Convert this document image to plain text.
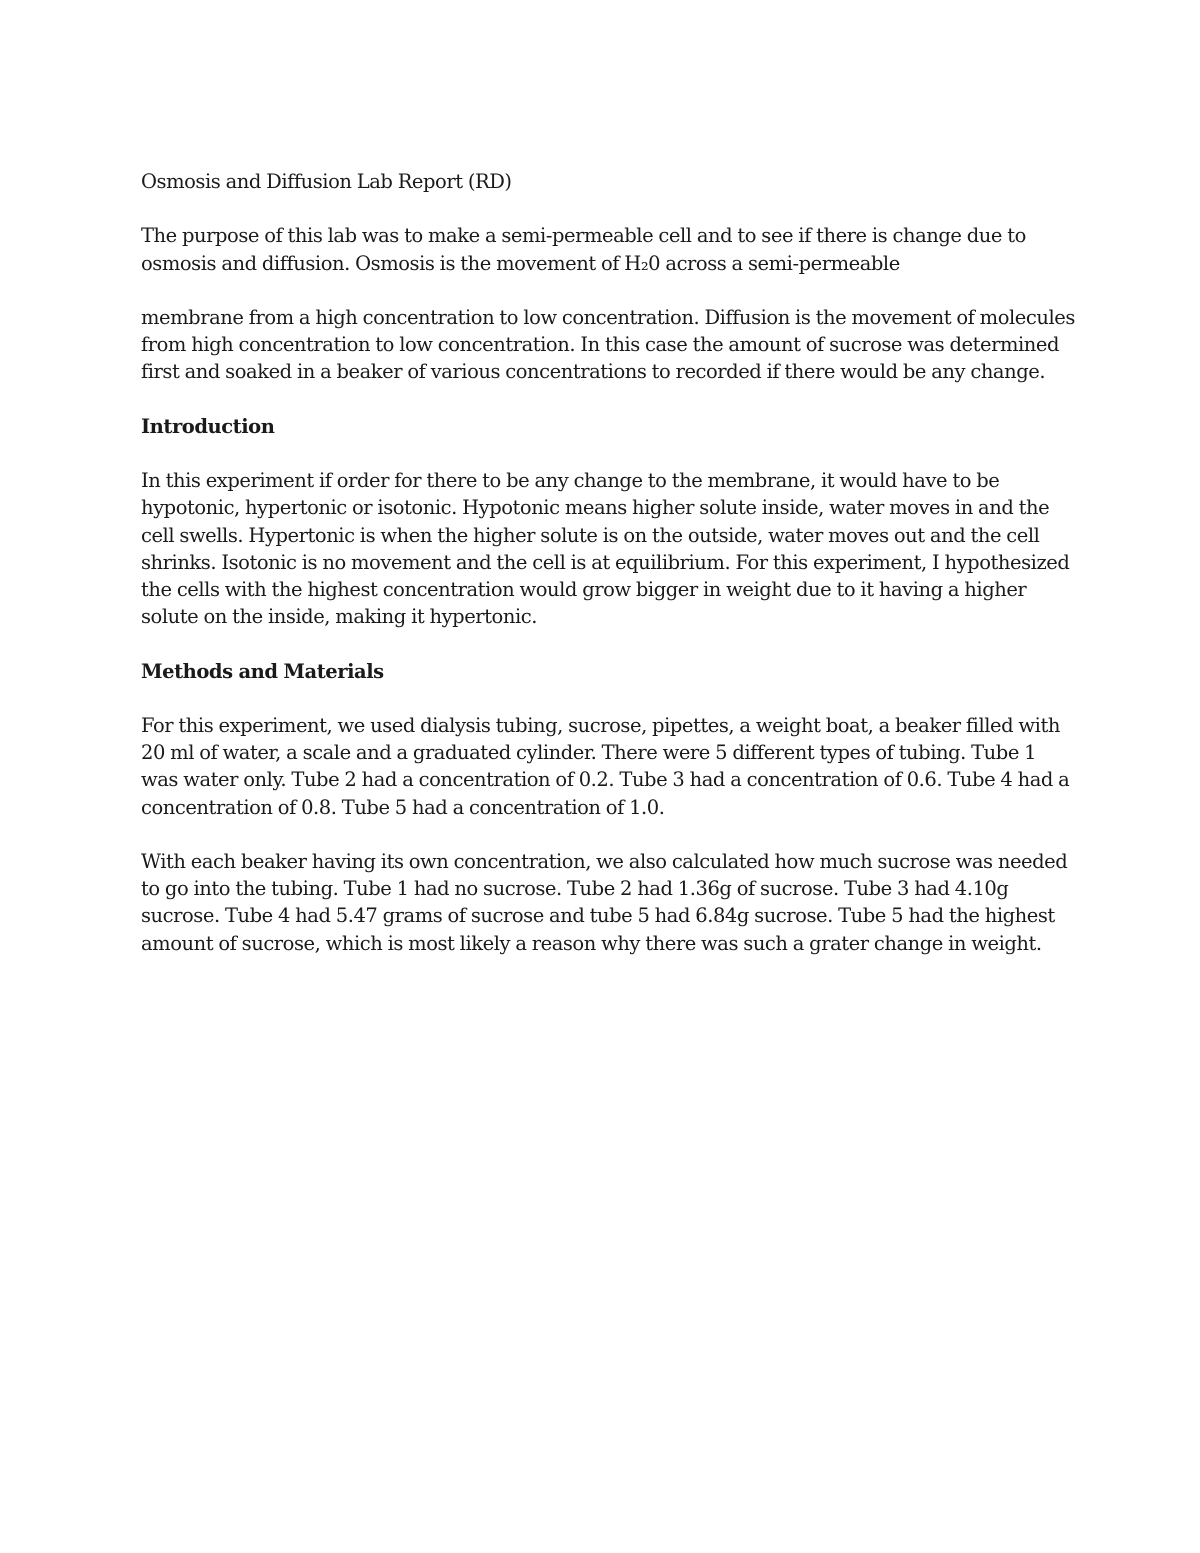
Osmosis and Diffusion Lab Report (RD)

The purpose of this lab was to make a semi-permeable cell and to see if there is change due to osmosis and diffusion. Osmosis is the movement of H₂0 across a semi-permeable

membrane from a high concentration to low concentration. Diffusion is the movement of molecules from high concentration to low concentration. In this case the amount of sucrose was determined first and soaked in a beaker of various concentrations to recorded if there would be any change.

Introduction

In this experiment if order for there to be any change to the membrane, it would have to be hypotonic, hypertonic or isotonic. Hypotonic means higher solute inside, water moves in and the cell swells. Hypertonic is when the higher solute is on the outside, water moves out and the cell shrinks. Isotonic is no movement and the cell is at equilibrium. For this experiment, I hypothesized the cells with the highest concentration would grow bigger in weight due to it having a higher solute on the inside, making it hypertonic.

Methods and Materials

For this experiment, we used dialysis tubing, sucrose, pipettes, a weight boat, a beaker filled with 20 ml of water, a scale and a graduated cylinder. There were 5 different types of tubing. Tube 1 was water only. Tube 2 had a concentration of 0.2. Tube 3 had a concentration of 0.6. Tube 4 had a concentration of 0.8. Tube 5 had a concentration of 1.0.

With each beaker having its own concentration, we also calculated how much sucrose was needed to go into the tubing. Tube 1 had no sucrose. Tube 2 had 1.36g of sucrose. Tube 3 had 4.10g sucrose. Tube 4 had 5.47 grams of sucrose and tube 5 had 6.84g sucrose. Tube 5 had the highest amount of sucrose, which is most likely a reason why there was such a grater change in weight.
